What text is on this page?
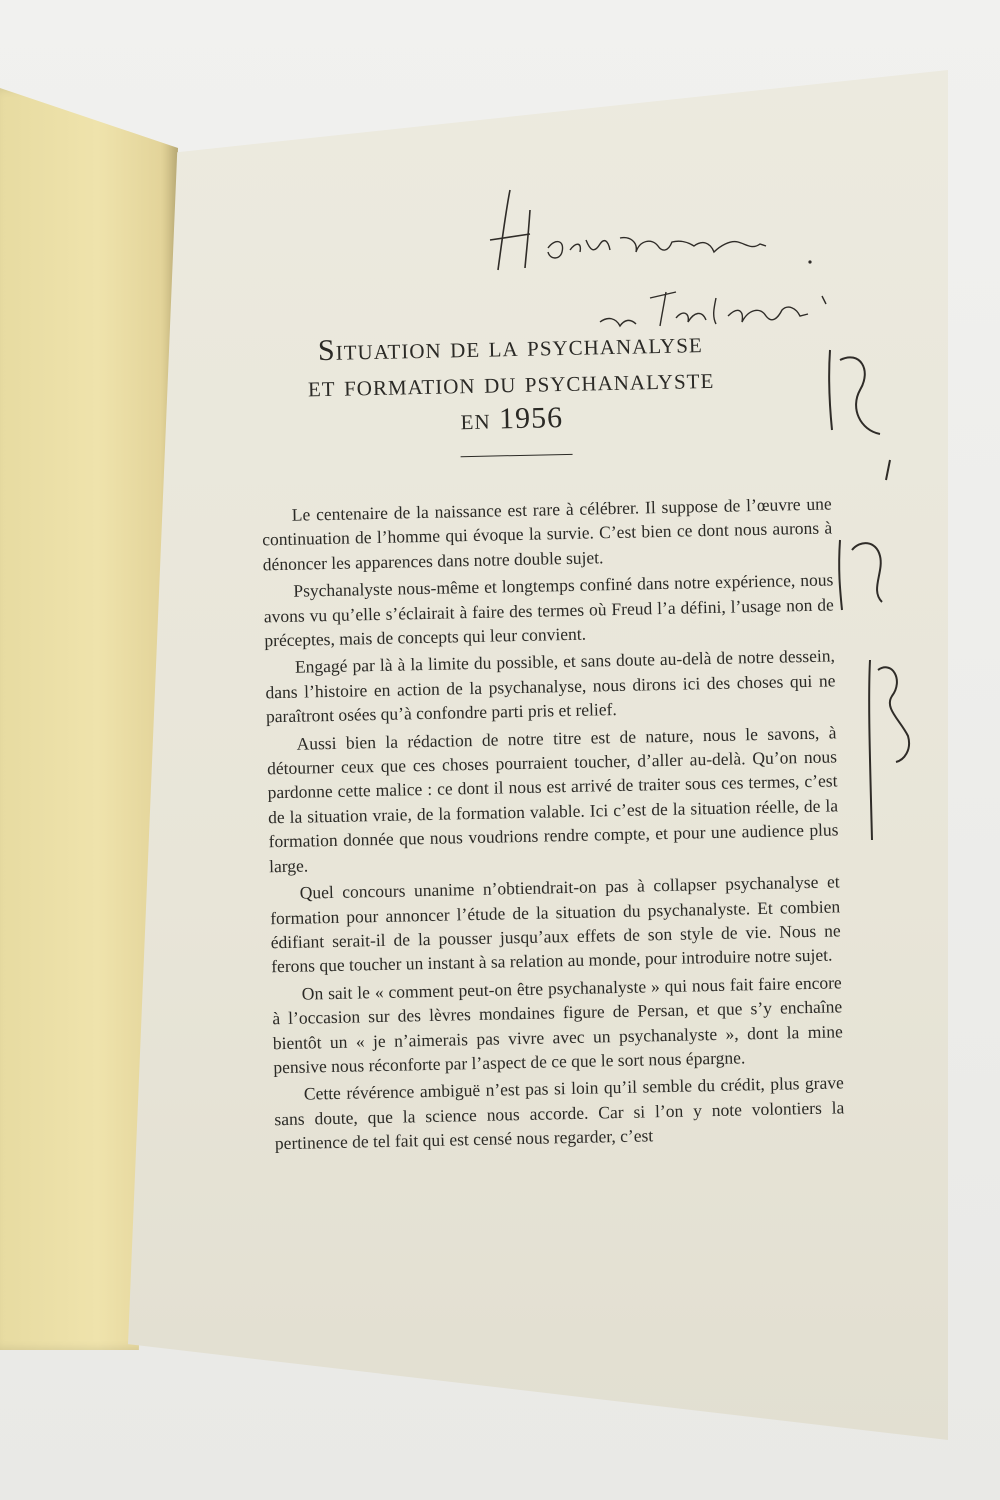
Situation de la psychanalyse
et formation du psychanalyste
en 1956

Le centenaire de la naissance est rare à célébrer. Il suppose de l’œuvre une continuation de l’homme qui évoque la survie. C’est bien ce dont nous aurons à dénoncer les apparences dans notre double sujet.

Psychanalyste nous-même et longtemps confiné dans notre expérience, nous avons vu qu’elle s’éclairait à faire des termes où Freud l’a défini, l’usage non de préceptes, mais de concepts qui leur convient.

Engagé par là à la limite du possible, et sans doute au-delà de notre dessein, dans l’histoire en action de la psychanalyse, nous dirons ici des choses qui ne paraîtront osées qu’à confondre parti pris et relief.

Aussi bien la rédaction de notre titre est de nature, nous le savons, à détourner ceux que ces choses pourraient toucher, d’aller au-delà. Qu’on nous pardonne cette malice : ce dont il nous est arrivé de traiter sous ces termes, c’est de la situation vraie, de la formation valable. Ici c’est de la situation réelle, de la formation donnée que nous voudrions rendre compte, et pour une audience plus large.

Quel concours unanime n’obtiendrait-on pas à collapser psychanalyse et formation pour annoncer l’étude de la situation du psychanalyste. Et combien édifiant serait-il de la pousser jusqu’aux effets de son style de vie. Nous ne ferons que toucher un instant à sa relation au monde, pour introduire notre sujet.

On sait le « comment peut-on être psychanalyste » qui nous fait faire encore à l’occasion sur des lèvres mondaines figure de Persan, et que s’y enchaîne bientôt un « je n’aimerais pas vivre avec un psychanalyste », dont la mine pensive nous réconforte par l’aspect de ce que le sort nous épargne.

Cette révérence ambiguë n’est pas si loin qu’il semble du crédit, plus grave sans doute, que la science nous accorde. Car si l’on y note volontiers la pertinence de tel fait qui est censé nous regarder, c’est
